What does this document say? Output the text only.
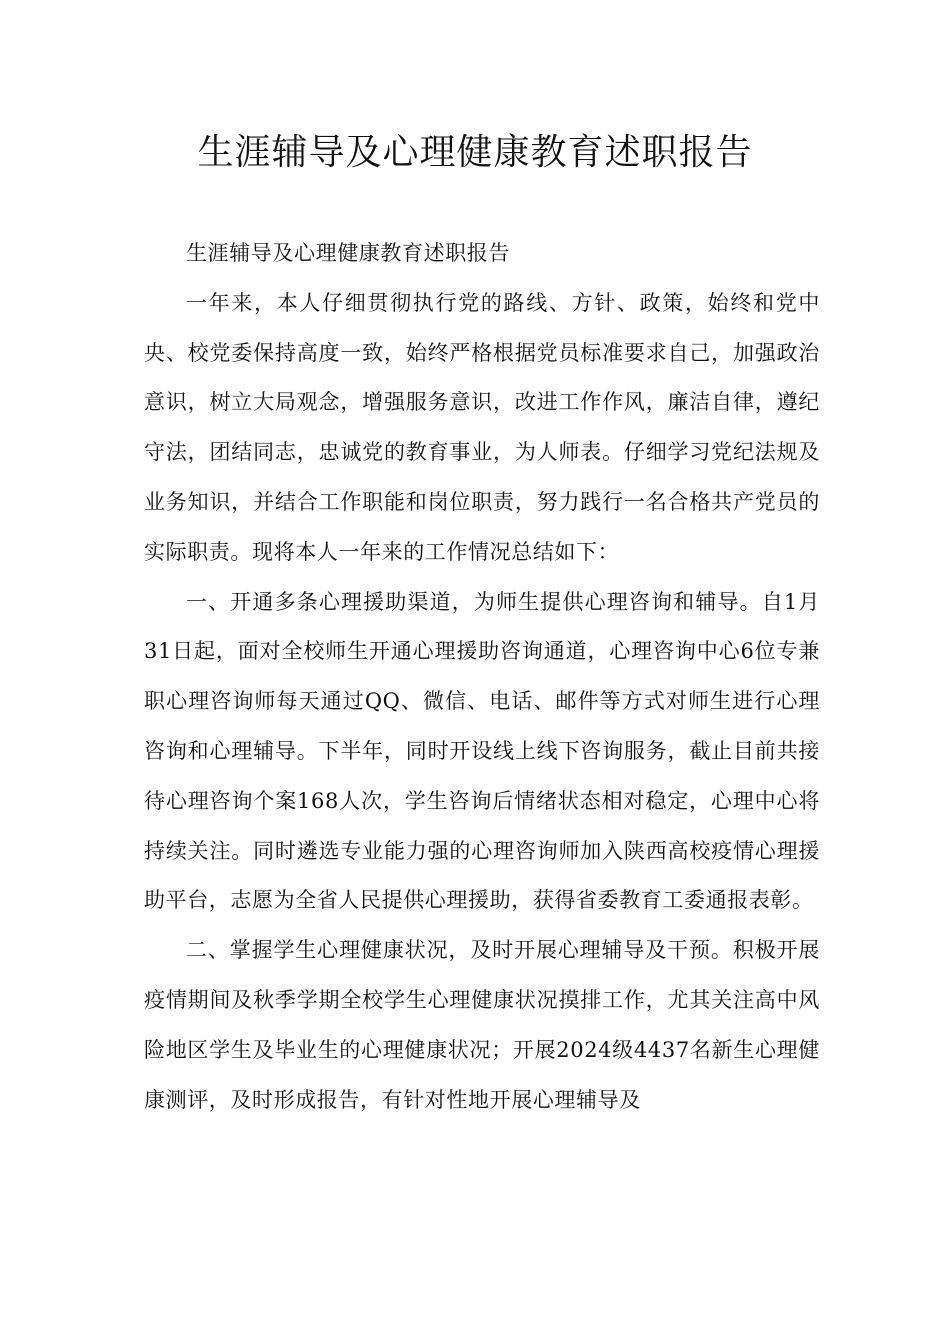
生涯辅导及心理健康教育述职报告

生涯辅导及心理健康教育述职报告

一年来，本人仔细贯彻执行党的路线、方针、政策，始终和党中央、校党委保持高度一致，始终严格根据党员标准要求自己，加强政治意识，树立大局观念，增强服务意识，改进工作作风，廉洁自律，遵纪守法，团结同志，忠诚党的教育事业，为人师表。仔细学习党纪法规及业务知识，并结合工作职能和岗位职责，努力践行一名合格共产党员的实际职责。现将本人一年来的工作情况总结如下：

一、开通多条心理援助渠道，为师生提供心理咨询和辅导。自1月31日起，面对全校师生开通心理援助咨询通道，心理咨询中心6位专兼职心理咨询师每天通过QQ、微信、电话、邮件等方式对师生进行心理咨询和心理辅导。下半年，同时开设线上线下咨询服务，截止目前共接待心理咨询个案168人次，学生咨询后情绪状态相对稳定，心理中心将持续关注。同时遴选专业能力强的心理咨询师加入陕西高校疫情心理援助平台，志愿为全省人民提供心理援助，获得省委教育工委通报表彰。

二、掌握学生心理健康状况，及时开展心理辅导及干预。积极开展疫情期间及秋季学期全校学生心理健康状况摸排工作，尤其关注高中风险地区学生及毕业生的心理健康状况；开展2024级4437名新生心理健康测评，及时形成报告，有针对性地开展心理辅导及
